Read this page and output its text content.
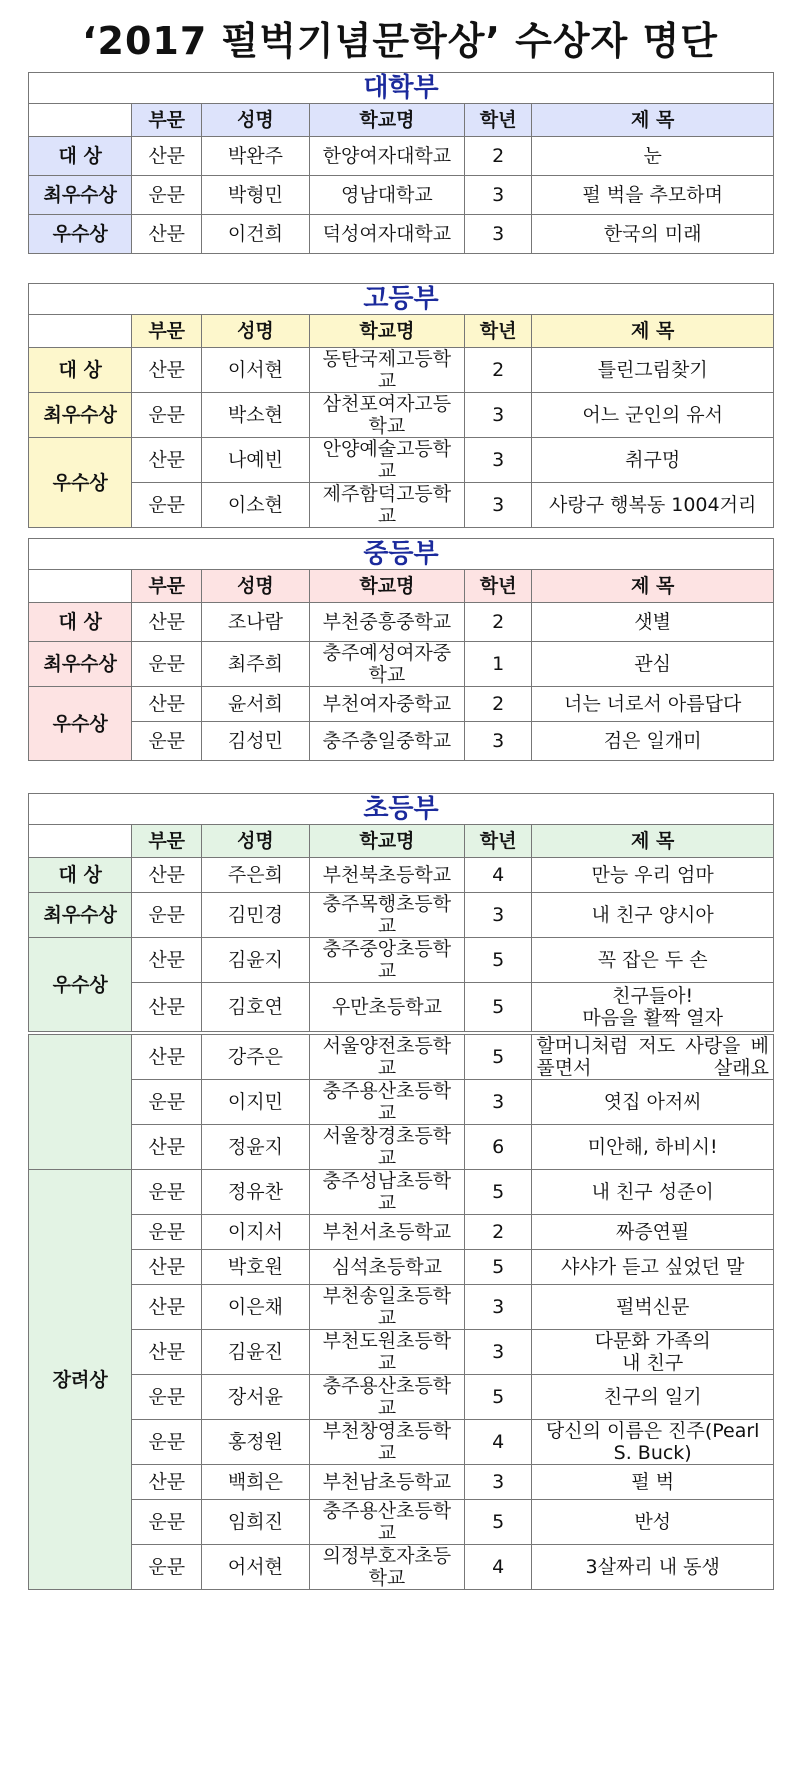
‘2017 펄벅기념문학상’ 수상자 명단
대학부					
	부문	성명	학교명	학년	제 목
대 상	산문	박완주	한양여자대학교	2	눈
최우수상	운문	박형민	영남대학교	3	펄 벅을 추모하며
우수상	산문	이건희	덕성여자대학교	3	한국의 미래
고등부					
	부문	성명	학교명	학년	제 목
대 상	산문	이서현	동탄국제고등학교	2	틀린그림찾기
최우수상	운문	박소현	삼천포여자고등학교	3	어느 군인의 유서
우수상	산문	나예빈	안양예술고등학교	3	취구멍
	운문	이소현	제주함덕고등학교	3	사랑구 행복동 1004거리
중등부					
	부문	성명	학교명	학년	제 목
대 상	산문	조나람	부천중흥중학교	2	샛별
최우수상	운문	최주희	충주예성여자중학교	1	관심
우수상	산문	윤서희	부천여자중학교	2	너는 너로서 아름답다
	운문	김성민	충주충일중학교	3	검은 일개미
초등부					
	부문	성명	학교명	학년	제 목
대 상	산문	주은희	부천북초등학교	4	만능 우리 엄마
최우수상	운문	김민경	충주목행초등학교	3	내 친구 양시아
우수상	산문	김윤지	충주중앙초등학교	5	꼭 잡은 두 손
	산문	김호연	우만초등학교	5	친구들아!
마음을 활짝 열자
	산문	강주은	서울양전초등학교	5	할머니처럼 저도 사랑을 베풀면서 살래요
	운문	이지민	충주용산초등학교	3	엿집 아저씨
	산문	정윤지	서울창경초등학교	6	미안해, 하비시!
장려상	운문	정유찬	충주성남초등학교	5	내 친구 성준이
	운문	이지서	부천서초등학교	2	짜증연필
	산문	박호원	심석초등학교	5	샤샤가 듣고 싶었던 말
	산문	이은채	부천송일초등학교	3	펄벅신문
	산문	김윤진	부천도원초등학교	3	다문화 가족의
내 친구
	운문	장서윤	충주용산초등학교	5	친구의 일기
	운문	홍정원	부천창영초등학교	4	당신의 이름은 진주(Pearl S. Buck)
	산문	백희은	부천남초등학교	3	펄 벅
	운문	임희진	충주용산초등학교	5	반성
	운문	어서현	의정부호자초등학교	4	3살짜리 내 동생
